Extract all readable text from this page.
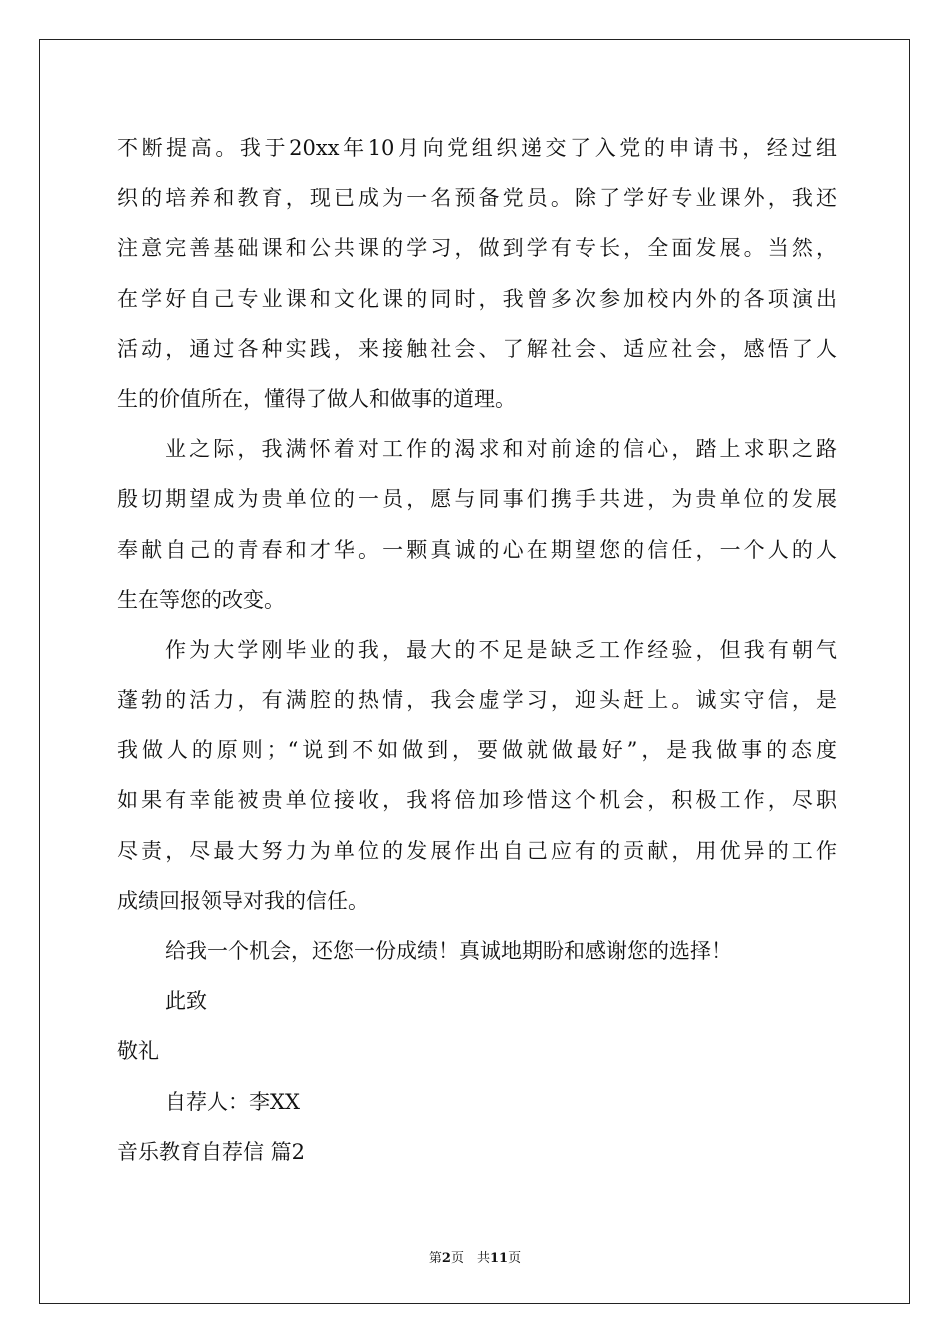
不断提高。我于20xx年10月向党组织递交了入党的申请书，经过组
织的培养和教育，现已成为一名预备党员。除了学好专业课外，我还
注意完善基础课和公共课的学习，做到学有专长，全面发展。当然，
在学好自己专业课和文化课的同时，我曾多次参加校内外的各项演出
活动，通过各种实践，来接触社会、了解社会、适应社会，感悟了人
生的价值所在，懂得了做人和做事的道理。
业之际，我满怀着对工作的渴求和对前途的信心，踏上求职之路
殷切期望成为贵单位的一员，愿与同事们携手共进，为贵单位的发展
奉献自己的青春和才华。一颗真诚的心在期望您的信任，一个人的人
生在等您的改变。
作为大学刚毕业的我，最大的不足是缺乏工作经验，但我有朝气
蓬勃的活力，有满腔的热情，我会虚学习，迎头赶上。诚实守信，是
我做人的原则；“说到不如做到，要做就做最好”，是我做事的态度
如果有幸能被贵单位接收，我将倍加珍惜这个机会，积极工作，尽职
尽责，尽最大努力为单位的发展作出自己应有的贡献，用优异的工作
成绩回报领导对我的信任。
给我一个机会，还您一份成绩！真诚地期盼和感谢您的选择！
此致
敬礼
自荐人：李XX
音乐教育自荐信 篇2
第2页　共11页
